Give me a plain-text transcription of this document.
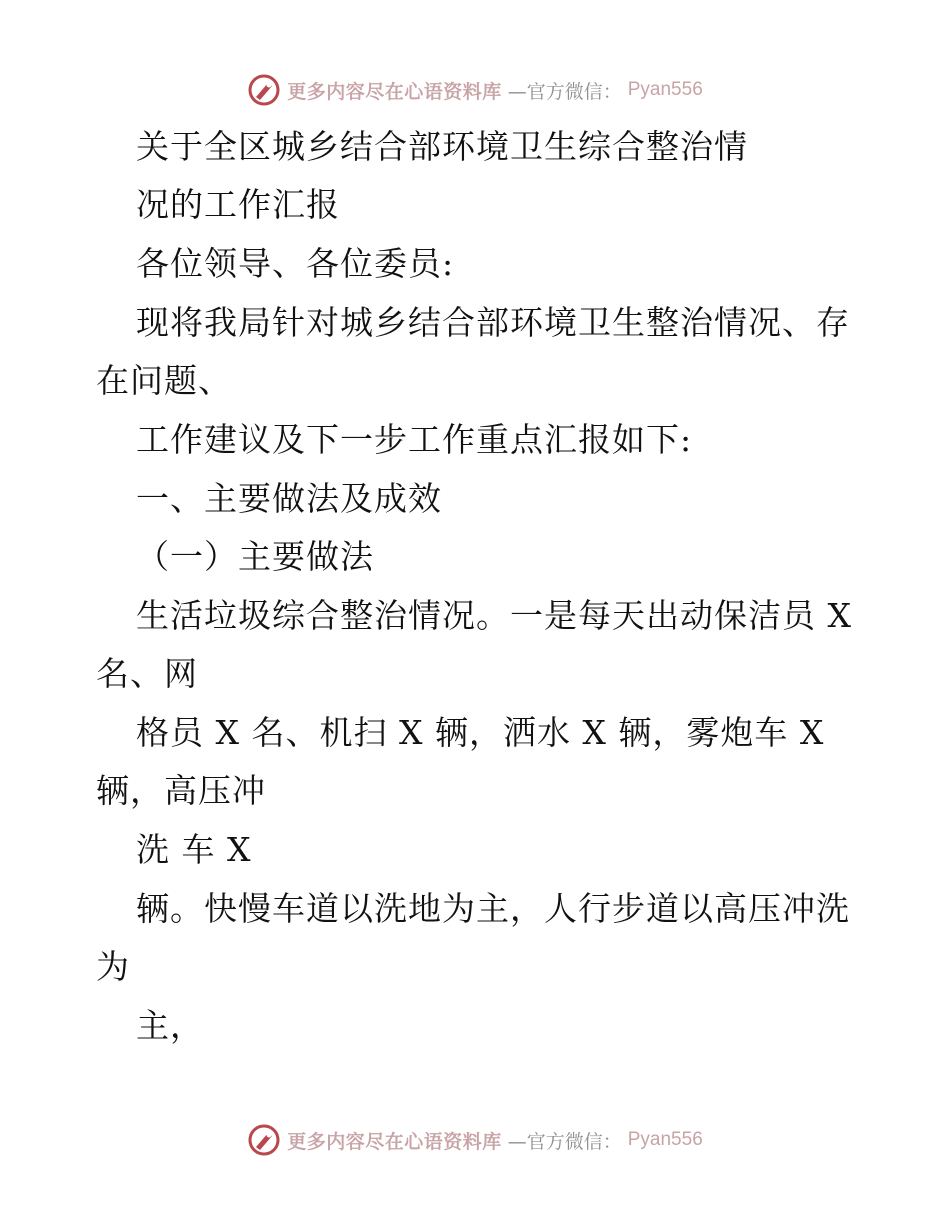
更多内容尽在心语资料库 —官方微信： Pyan556
关于全区城乡结合部环境卫生综合整治情
况的工作汇报
各位领导、各位委员:
现将我局针对城乡结合部环境卫生整治情况、存
在问题、
工作建议及下一步工作重点汇报如下:
一、主要做法及成效
（一）主要做法
生活垃圾综合整治情况。一是每天出动保洁员 X
名、网
格员 X 名、机扫 X 辆，洒水 X 辆，雾炮车 X
辆，高压冲
洗 车 X
辆。快慢车道以洗地为主，人行步道以高压冲洗
为
主，
更多内容尽在心语资料库 —官方微信： Pyan556
